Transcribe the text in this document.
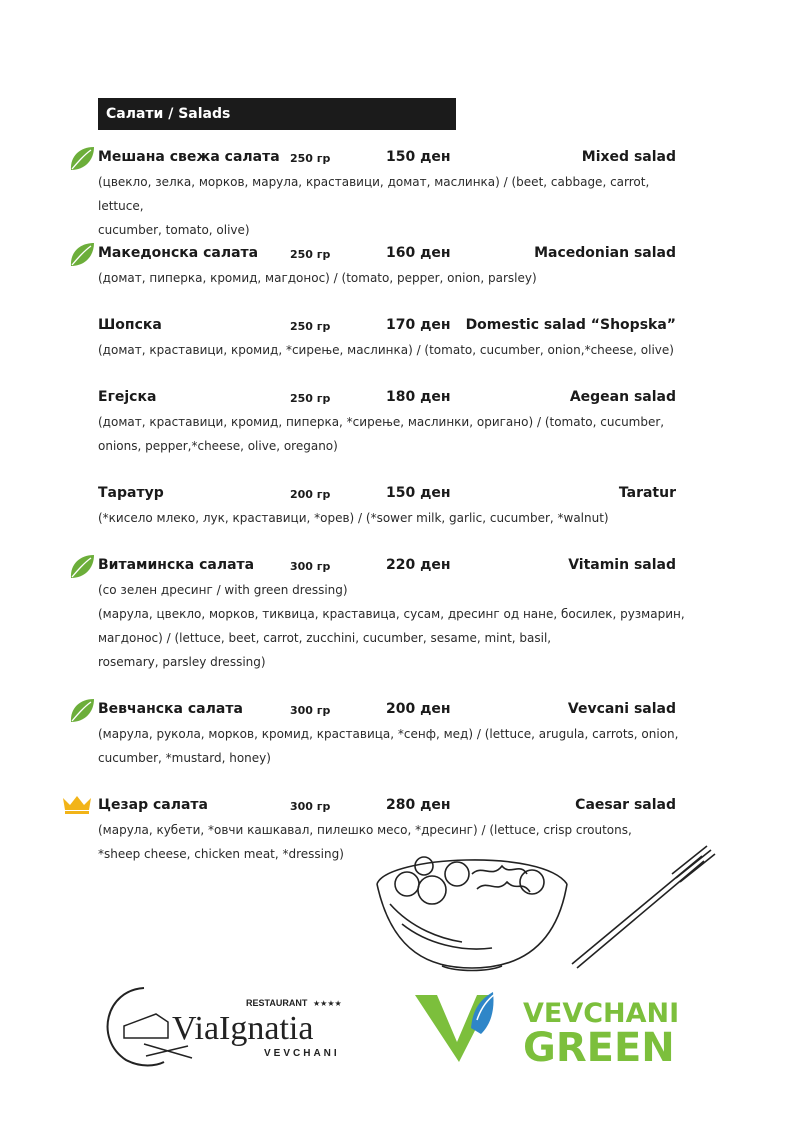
Салати / Salads
Мешана свежа салата 250 гр	150 ден	Mixed salad
(цвекло, зелка, морков, марула, краставици, домат, маслинка) / (beet, cabbage, carrot, lettuce,
cucumber, tomato, olive)
Македонска салата	250 гр	160 ден	Macedonian salad
(домат, пиперка, кромид, магдонос) / (tomato, pepper, onion, parsley)
Шопска	250 гр	170 ден Domestic salad “Shopska”
(домат, краставици, кромид, *сирење, маслинка) / (tomato, cucumber, onion,*cheese, olive)
Егејска	250 гр	180 ден	Aegean salad
(домат, краставици, кромид, пиперка, *сирење, маслинки, оригано) / (tomato, cucumber,
onions, pepper,*cheese, olive, oregano)
Таратур	200 гр	150 ден	Taratur
(*кисело млеко, лук, краставици, *орев) / (*sower milk, garlic, cucumber, *walnut)
Витаминска салата	300 гр	220 ден	Vitamin salad
(со зелен дресинг / with green dressing)
(марула, цвекло, морков, тиквица, краставица, сусам, дресинг од нане, босилек, рузмарин,
магдонос) / (lettuce, beet, carrot, zucchini, cucumber, sesame, mint, basil,
rosemary, parsley dressing)
Вевчанска салата	300 гр	200 ден	Vevcani salad
(марула, рукола, морков, кромид, краставица, *сенф, мед) / (lettuce, arugula, carrots, onion,
cucumber, *mustard, honey)
Цезар салата	300 гр	280 ден	Caesar salad
(марула, кубети, *овчи кашкавал, пилешко месо, *дресинг) / (lettuce, crisp croutons,
*sheep cheese, chicken meat, *dressing)
RESTAURANT ★★★★
ViaIgnatia
VEVCHANI
VEVCHANI
GREEN
